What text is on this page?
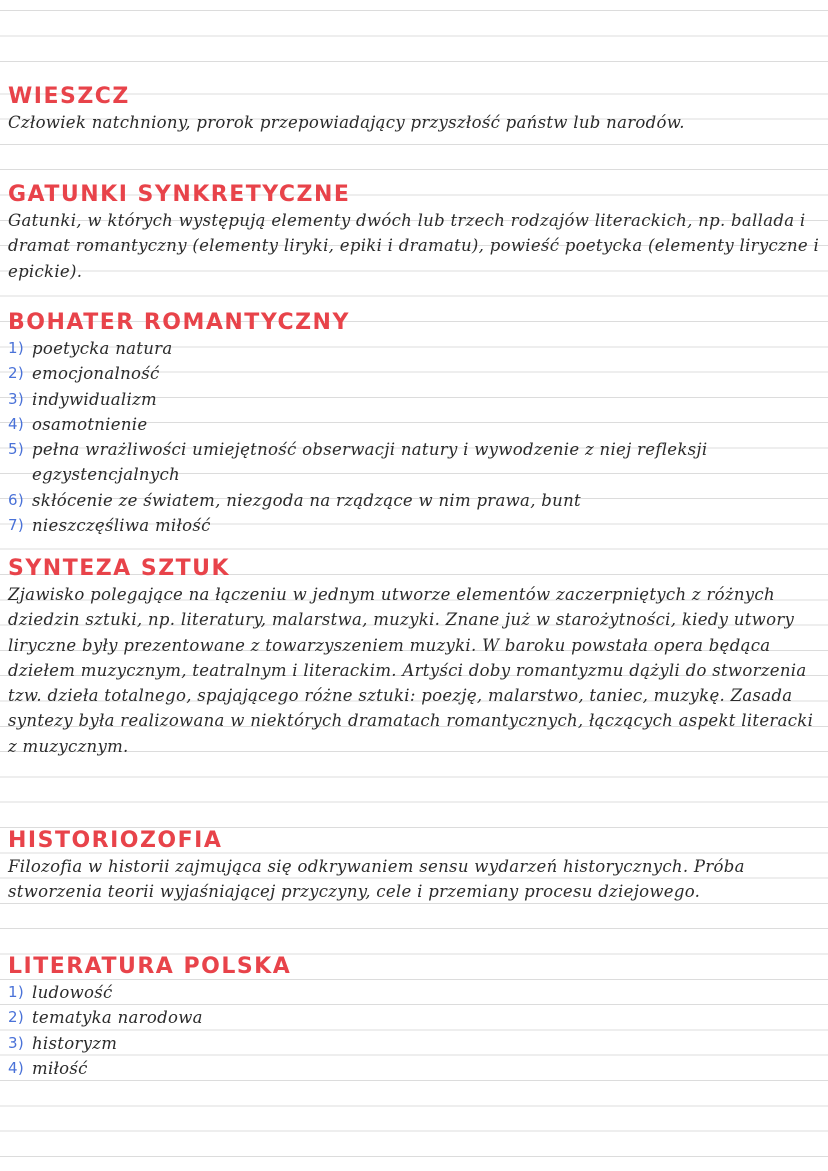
WIESZCZ

Człowiek natchniony, prorok przepowiadający przyszłość państw lub narodów.

GATUNKI SYNKRETYCZNE

Gatunki, w których występują elementy dwóch lub trzech rodzajów literackich, np. ballada i dramat romantyczny (elementy liryki, epiki i dramatu), powieść poetycka (elementy liryczne i epickie).

BOHATER ROMANTYCZNY
1) poetycka natura
2) emocjonalność
3) indywidualizm
4) osamotnienie
5) pełna wrażliwości umiejętność obserwacji natury i wywodzenie z niej refleksji egzystencjalnych
6) skłócenie ze światem, niezgoda na rządzące w nim prawa, bunt
7) nieszczęśliwa miłość
SYNTEZA SZTUK

Zjawisko polegające na łączeniu w jednym utworze elementów zaczerpniętych z różnych dziedzin sztuki, np. literatury, malarstwa, muzyki. Znane już w starożytności, kiedy utwory liryczne były prezentowane z towarzyszeniem muzyki. W baroku powstała opera będąca dziełem muzycznym, teatralnym i literackim. Artyści doby romantyzmu dążyli do stworzenia tzw. dzieła totalnego, spajającego różne sztuki: poezję, malarstwo, taniec, muzykę. Zasada syntezy była realizowana w niektórych dramatach romantycznych, łączących aspekt literacki z muzycznym.

HISTORIOZOFIA

Filozofia w historii zajmująca się odkrywaniem sensu wydarzeń historycznych. Próba stworzenia teorii wyjaśniającej przyczyny, cele i przemiany procesu dziejowego.

LITERATURA POLSKA
1) ludowość
2) tematyka narodowa
3) historyzm
4) miłość
